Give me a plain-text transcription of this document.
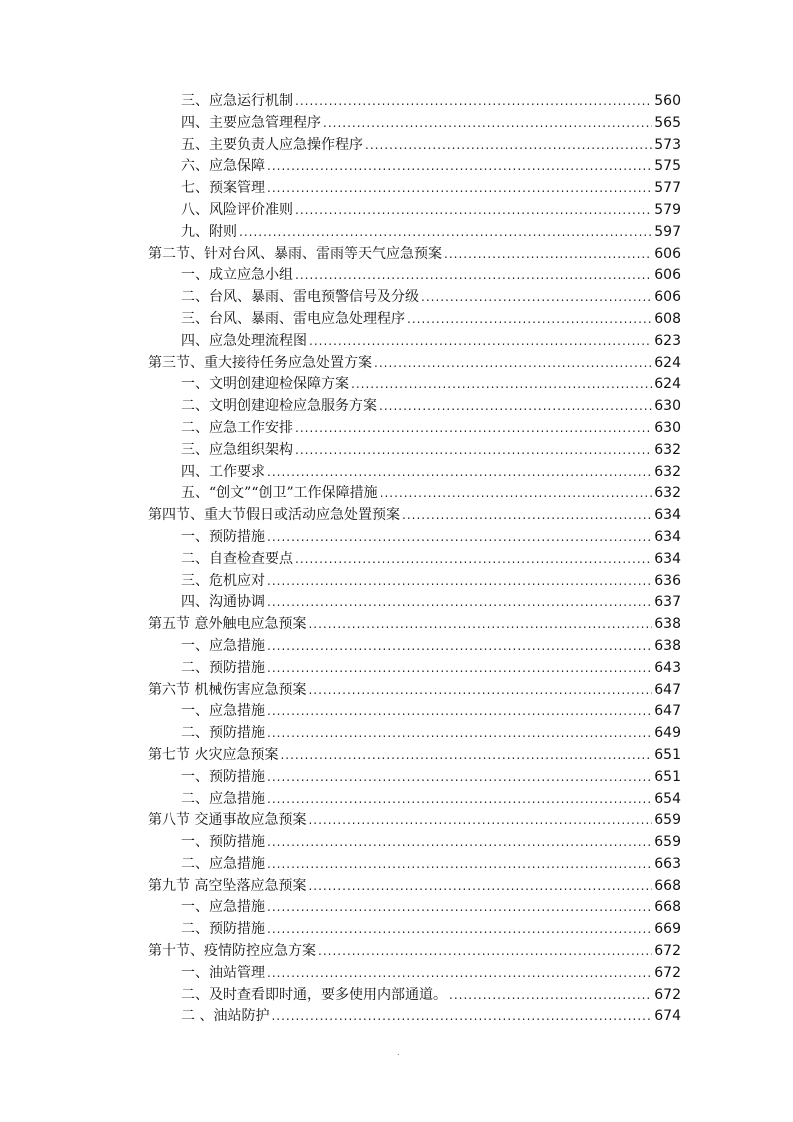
三、应急运行机制 .....	560
四、主要应急管理程序 .....	565
五、主要负责人应急操作程序 .....	573
六、应急保障 .....	575
七、预案管理 .....	577
八、风险评价准则 .....	579
九、附则 .....	597
第二节、针对台风、暴雨、雷雨等天气应急预案 .....	606
一、成立应急小组 .....	606
二、台风、暴雨、雷电预警信号及分级 .....	606
三、台风、暴雨、雷电应急处理程序 .....	608
四、应急处理流程图 .....	623
第三节、重大接待任务应急处置方案 .....	624
一、文明创建迎检保障方案 .....	624
二、文明创建迎检应急服务方案 .....	630
二、应急工作安排 .....	630
三、应急组织架构 .....	632
四、工作要求 .....	632
五、“创文”“创卫”工作保障措施 .....	632
第四节、重大节假日或活动应急处置预案 .....	634
一、预防措施 .....	634
二、自查检查要点 .....	634
三、危机应对 .....	636
四、沟通协调 .....	637
第五节 意外触电应急预案 .....	638
一、应急措施 .....	638
二、预防措施 .....	643
第六节 机械伤害应急预案 .....	647
一、应急措施 .....	647
二、预防措施 .....	649
第七节 火灾应急预案 .....	651
一、预防措施 .....	651
二、应急措施 .....	654
第八节 交通事故应急预案 .....	659
一、预防措施 .....	659
二、应急措施 .....	663
第九节 高空坠落应急预案 .....	668
一、应急措施 .....	668
二、预防措施 .....	669
第十节、疫情防控应急方案 .....	672
一、油站管理 .....	672
二、及时查看即时通，要多使用内部通道。 .....	672
二 、油站防护 .....	674
.
